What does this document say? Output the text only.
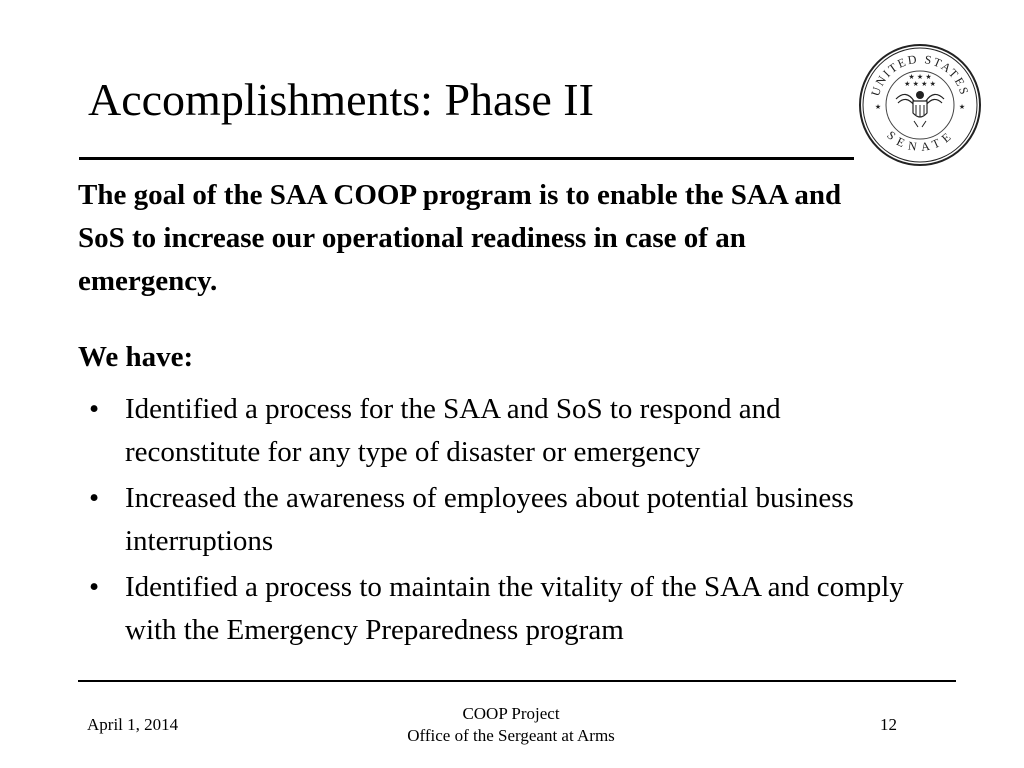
Accomplishments: Phase II	UNITED STATES
SENATE
★ ★ ★
★ ★ ★ ★
★	★
The goal of the SAA COOP program is to enable the SAA and SoS to increase our operational readiness in case of an emergency.
We have:
• Identified a process for the SAA and SoS to respond and reconstitute for any type of disaster or emergency
• Increased the awareness of employees about potential business interruptions
• Identified a process to maintain the vitality of the SAA and comply with the Emergency Preparedness program
April 1, 2014
COOP Project
Office of the Sergeant at Arms
12
